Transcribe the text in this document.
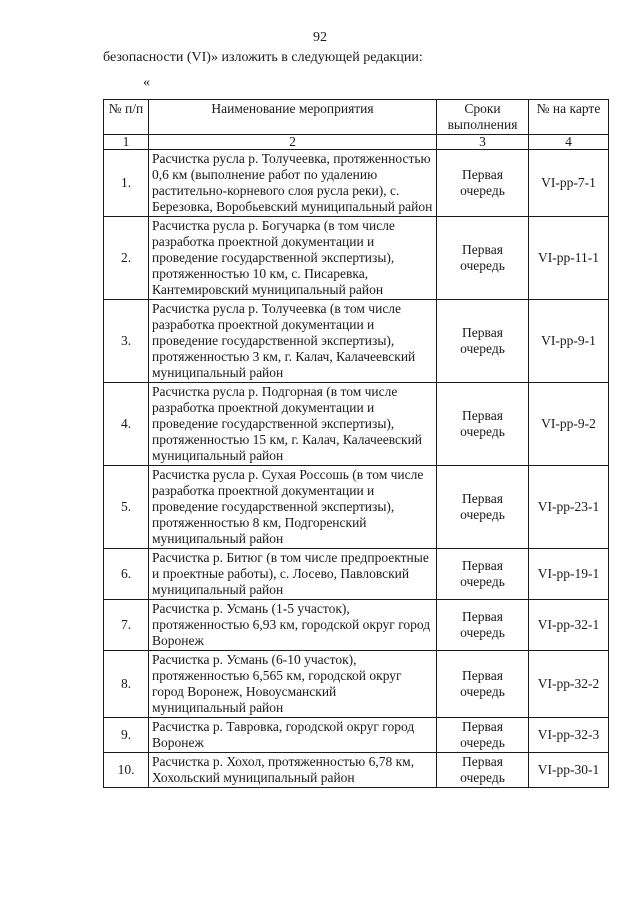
92
безопасности (VI)» изложить в следующей редакции:
«
№ п/п	Наименование мероприятия	Сроки выполнения	№ на карте
1	2	3	4
1.	Расчистка русла р. Толучеевка, протяженностью 0,6 км (выполнение работ по удалению растительно-корневого слоя русла реки), с. Березовка, Воробьевский муниципальный район	Первая очередь	VI-рр-7-1
2.	Расчистка русла р. Богучарка (в том числе разработка проектной документации и проведение государственной экспертизы), протяженностью 10 км, с. Писаревка, Кантемировский муниципальный район	Первая очередь	VI-рр-11-1
3.	Расчистка русла р. Толучеевка (в том числе разработка проектной документации и проведение государственной экспертизы), протяженностью 3 км, г. Калач, Калачеевский муниципальный район	Первая очередь	VI-рр-9-1
4.	Расчистка русла р. Подгорная (в том числе разработка проектной документации и проведение государственной экспертизы), протяженностью 15 км, г. Калач, Калачеевский муниципальный район	Первая очередь	VI-рр-9-2
5.	Расчистка русла р. Сухая Россошь (в том числе разработка проектной документации и проведение государственной экспертизы), протяженностью 8 км, Подгоренский муниципальный район	Первая очередь	VI-рр-23-1
6.	Расчистка р. Битюг (в том числе предпроектные и проектные работы), с. Лосево, Павловский муниципальный район	Первая очередь	VI-рр-19-1
7.	Расчистка р. Усмань (1-5 участок), протяженностью 6,93 км, городской округ город Воронеж	Первая очередь	VI-рр-32-1
8.	Расчистка р. Усмань (6-10 участок), протяженностью 6,565 км, городской округ город Воронеж, Новоусманский муниципальный район	Первая очередь	VI-рр-32-2
9.	Расчистка р. Тавровка, городской округ город Воронеж	Первая очередь	VI-рр-32-3
10.	Расчистка р. Хохол, протяженностью 6,78 км, Хохольский муниципальный район	Первая очередь	VI-рр-30-1
